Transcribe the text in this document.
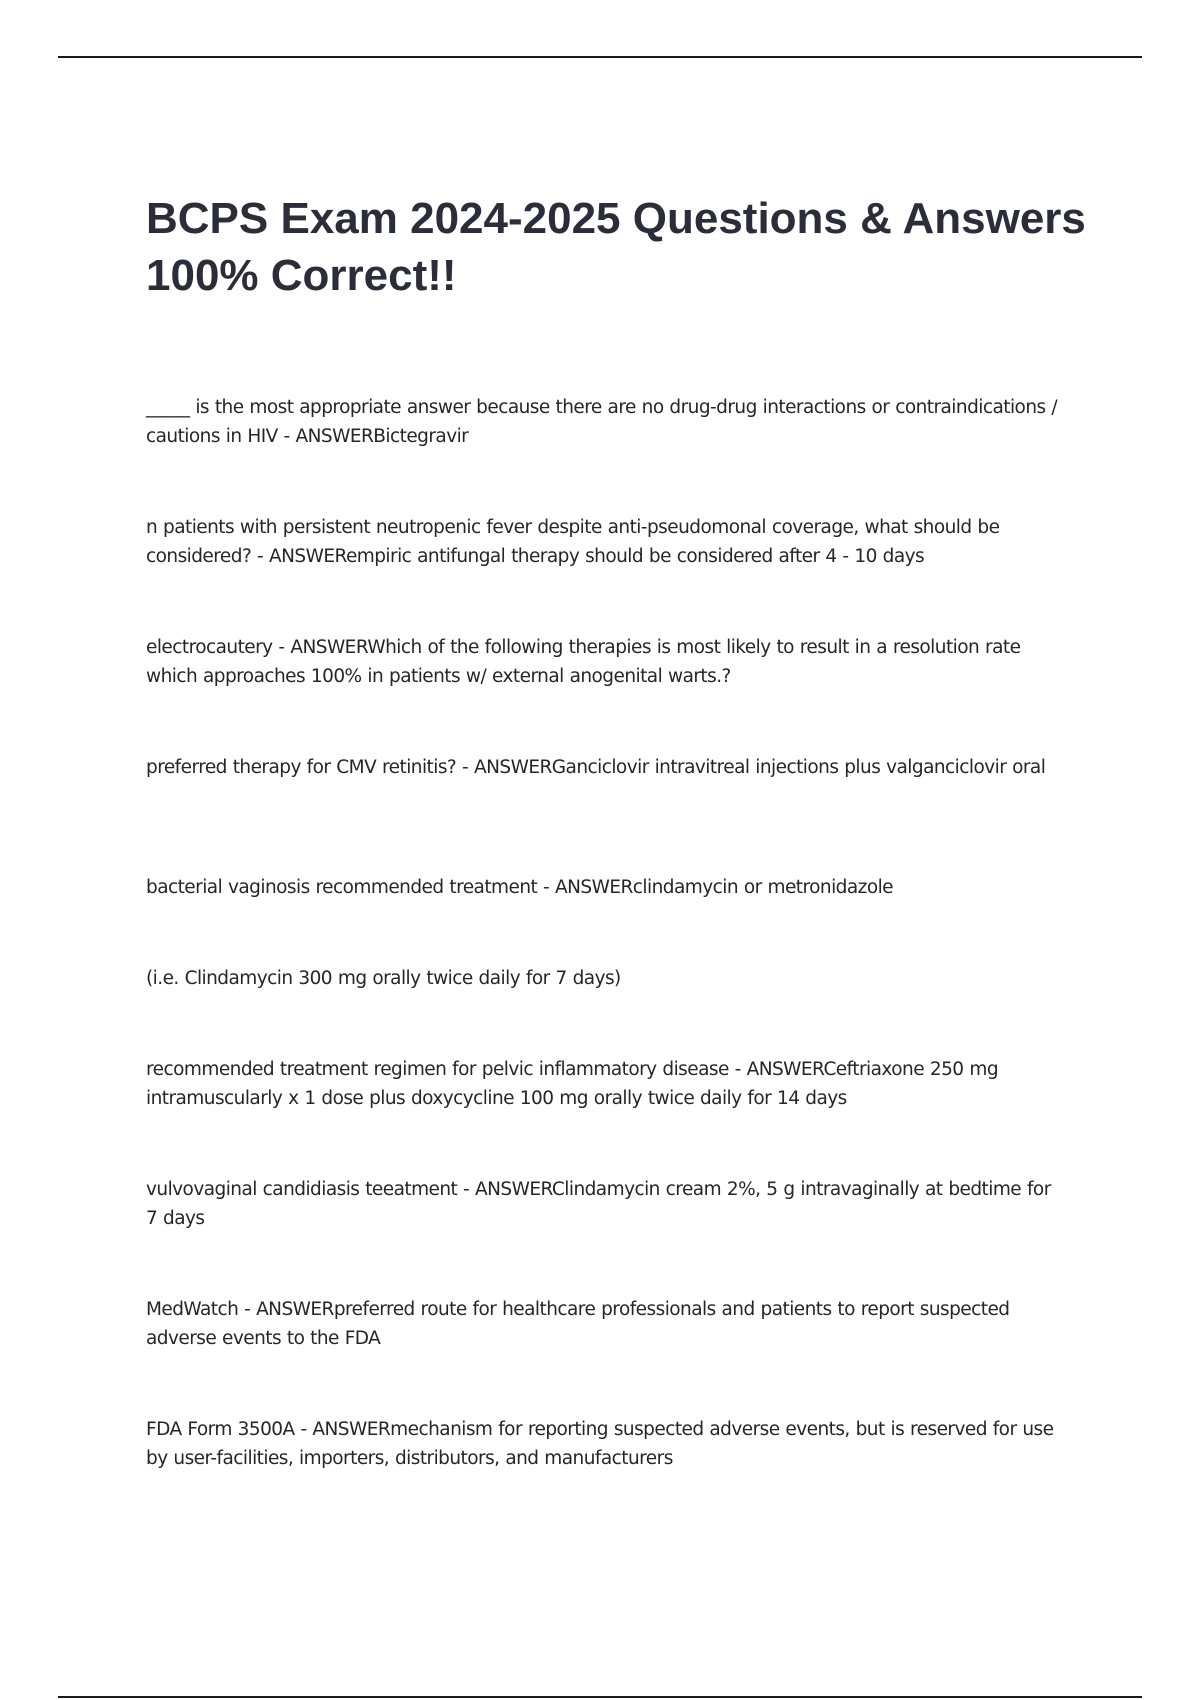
BCPS Exam 2024-2025 Questions & Answers 100% Correct!!
_____ is the most appropriate answer because there are no drug-drug interactions or contraindications / cautions in HIV - ANSWERBictegravir
n patients with persistent neutropenic fever despite anti-pseudomonal coverage, what should be considered? - ANSWERempiric antifungal therapy should be considered after 4 - 10 days
electrocautery - ANSWERWhich of the following therapies is most likely to result in a resolution rate which approaches 100% in patients w/ external anogenital warts.?
preferred therapy for CMV retinitis? - ANSWERGanciclovir intravitreal injections plus valganciclovir oral
bacterial vaginosis recommended treatment - ANSWERclindamycin or metronidazole
(i.e. Clindamycin 300 mg orally twice daily for 7 days)
recommended treatment regimen for pelvic inflammatory disease - ANSWERCeftriaxone 250 mg intramuscularly x 1 dose plus doxycycline 100 mg orally twice daily for 14 days
vulvovaginal candidiasis teeatment - ANSWERClindamycin cream 2%, 5 g intravaginally at bedtime for 7 days
MedWatch - ANSWERpreferred route for healthcare professionals and patients to report suspected adverse events to the FDA
FDA Form 3500A - ANSWERmechanism for reporting suspected adverse events, but is reserved for use by user-facilities, importers, distributors, and manufacturers
